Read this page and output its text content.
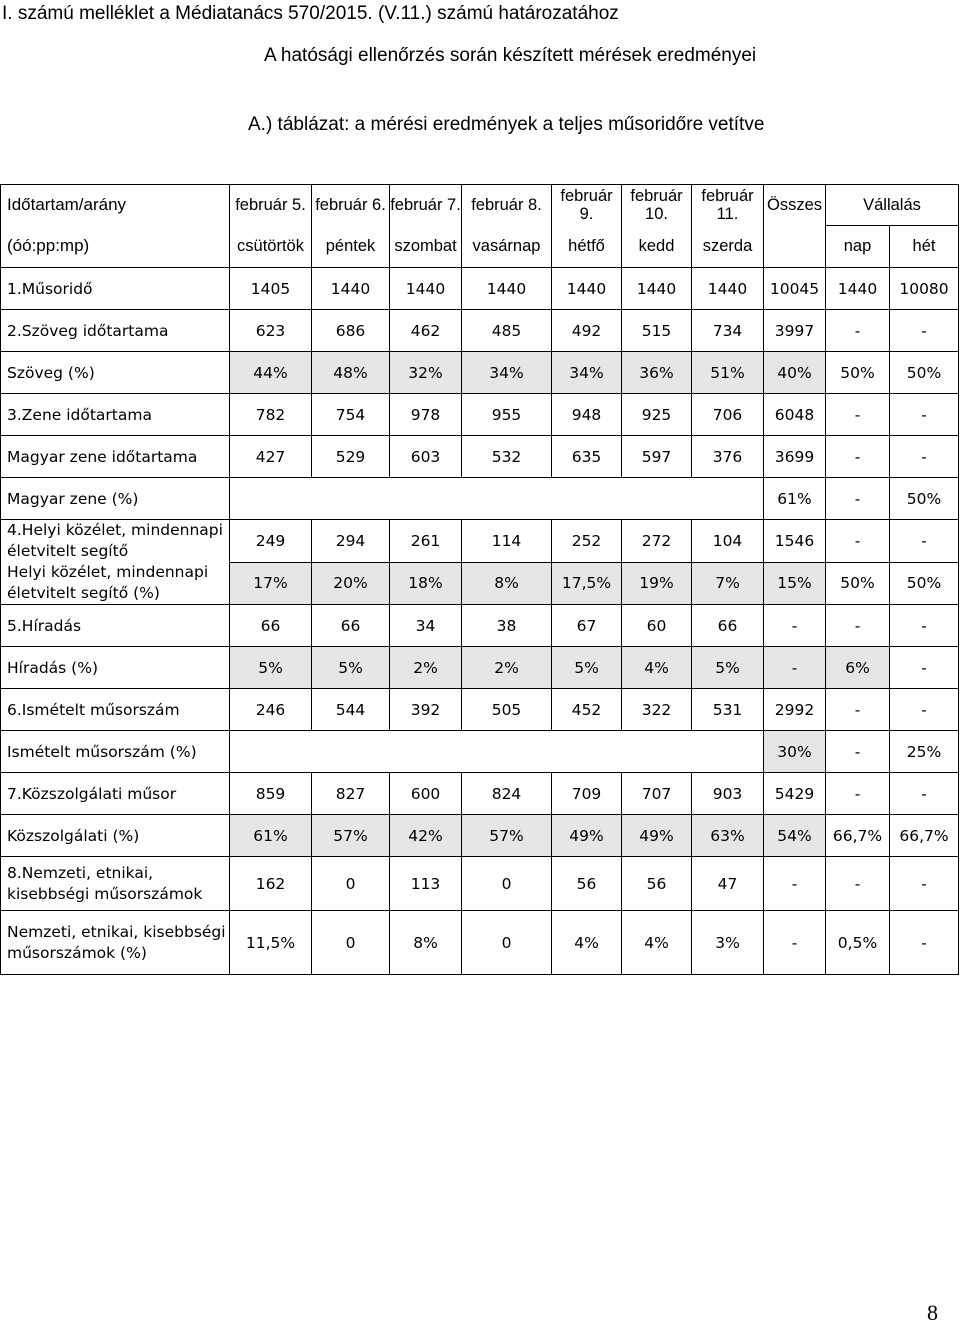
I. számú melléklet a Médiatanács 570/2015. (V.11.) számú határozatához
A hatósági ellenőrzés során készített mérések eredményei
A.) táblázat: a mérési eredmények a teljes műsoridőre vetítve
Időtartam/arány	február 5.	február 6.	február 7.	február 8.	február 9.	február 10.	február 11.	Összes	Vállalás	
(óó:pp:mp)	csütörtök	péntek	szombat	vasárnap	hétfő	kedd	szerda		nap	hét
1.Műsoridő	1405	1440	1440	1440	1440	1440	1440	10045	1440	10080
2.Szöveg időtartama	623	686	462	485	492	515	734	3997	-	-
Szöveg (%)	44%	48%	32%	34%	34%	36%	51%	40%	50%	50%
3.Zene időtartama	782	754	978	955	948	925	706	6048	-	-
Magyar zene időtartama	427	529	603	532	635	597	376	3699	-	-
Magyar zene (%)								61%	-	50%
4.Helyi közélet, mindennapi életvitelt segítő	249	294	261	114	252	272	104	1546	-	-
Helyi közélet, mindennapi életvitelt segítő (%)	17%	20%	18%	8%	17,5%	19%	7%	15%	50%	50%
5.Híradás	66	66	34	38	67	60	66	-	-	-
Híradás (%)	5%	5%	2%	2%	5%	4%	5%	-	6%	-
6.Ismételt műsorszám	246	544	392	505	452	322	531	2992	-	-
Ismételt műsorszám (%)								30%	-	25%
7.Közszolgálati műsor	859	827	600	824	709	707	903	5429	-	-
Közszolgálati (%)	61%	57%	42%	57%	49%	49%	63%	54%	66,7%	66,7%
8.Nemzeti, etnikai, kisebbségi műsorszámok	162	0	113	0	56	56	47	-	-	-
Nemzeti, etnikai, kisebbségi műsorszámok (%)	11,5%	0	8%	0	4%	4%	3%	-	0,5%	-
8
